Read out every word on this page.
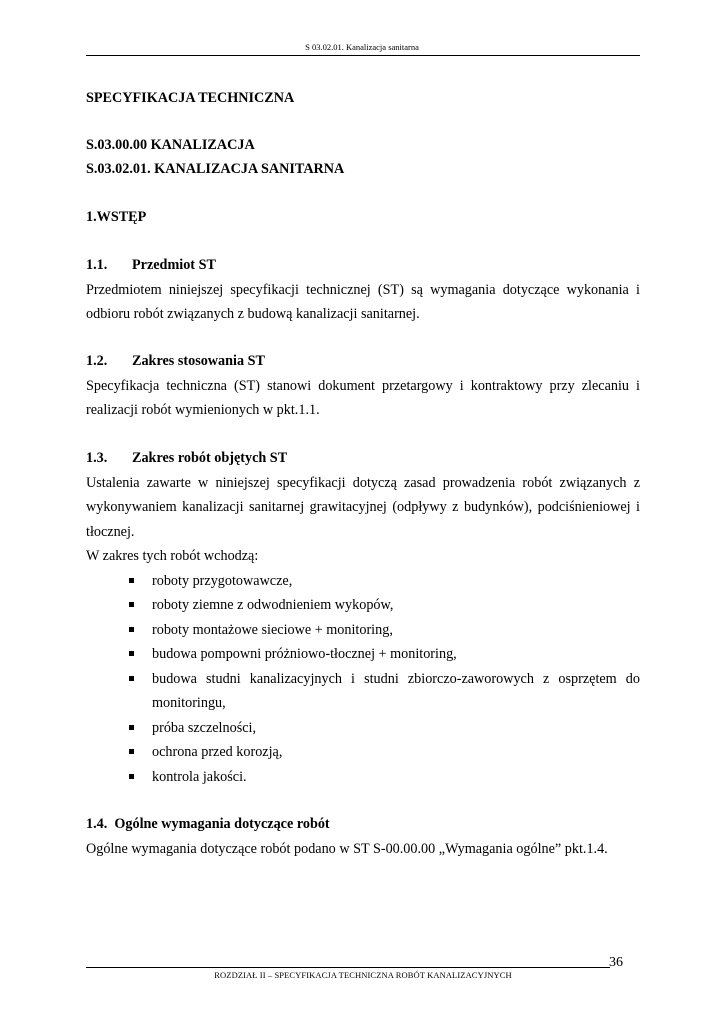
S 03.02.01. Kanalizacja sanitarna
SPECYFIKACJA TECHNICZNA
S.03.00.00 KANALIZACJA
S.03.02.01. KANALIZACJA SANITARNA
1.WSTĘP
1.1. Przedmiot ST
Przedmiotem niniejszej specyfikacji technicznej (ST) są wymagania dotyczące wykonania i odbioru robót związanych z budową kanalizacji sanitarnej.
1.2. Zakres stosowania ST
Specyfikacja techniczna (ST) stanowi dokument przetargowy i kontraktowy przy zlecaniu i realizacji robót wymienionych w pkt.1.1.
1.3. Zakres robót objętych ST
Ustalenia zawarte w niniejszej specyfikacji dotyczą zasad prowadzenia robót związanych z wykonywaniem kanalizacji sanitarnej grawitacyjnej (odpływy z budynków), podciśnieniowej i tłocznej.
W zakres tych robót wchodzą:
roboty przygotowawcze,
roboty ziemne z odwodnieniem wykopów,
roboty montażowe sieciowe + monitoring,
budowa pompowni próżniowo-tłocznej + monitoring,
budowa studni kanalizacyjnych i studni zbiorczo-zaworowych z osprzętem do monitoringu,
próba szczelności,
ochrona przed korozją,
kontrola jakości.
1.4. Ogólne wymagania dotyczące robót
Ogólne wymagania dotyczące robót podano w ST S-00.00.00 „Wymagania ogólne” pkt.1.4.
36
ROZDZIAŁ II – SPECYFIKACJA TECHNICZNA ROBÓT KANALIZACYJNYCH
